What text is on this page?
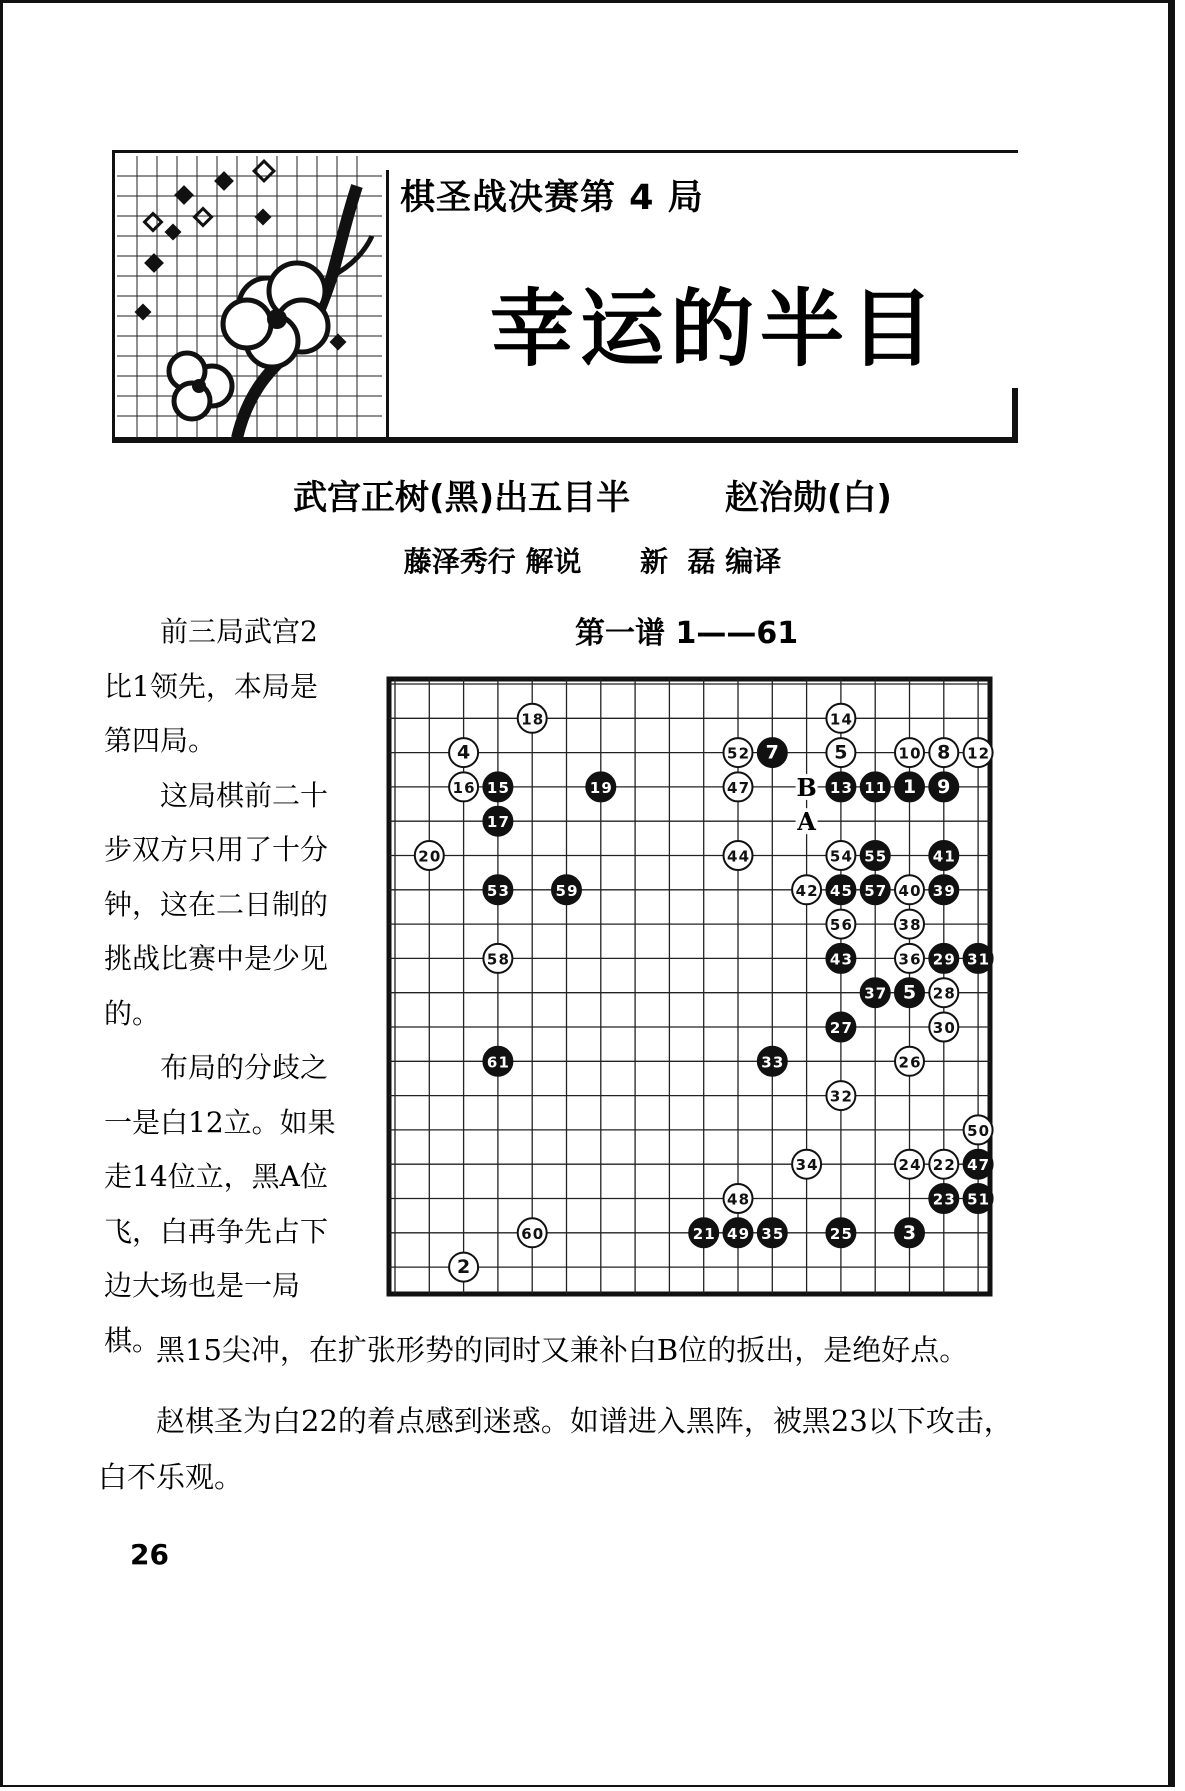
棋圣战决赛第 4 局
幸运的半目
武宫正树(黑)出五目半        赵治勋(白)
藤泽秀行 解说      新  磊 编译

前三局武宫2比1领先，本局是第四局。

这局棋前二十步双方只用了十分钟，这在二日制的挑战比赛中是少见的。

布局的分歧之一是白12立。如果走14位立，黑A位飞，白再争先占下边大场也是一局棋。

第一谱 1——61
A
B	1
2
3
4	5
5
7	8
9
10
11
12
13
14
15
16
17
18
19
20
21
22
23
24
25
26
27
28
29
30
31
32
33
34
35
36
37
38
39
40
41
42
43
44
45
47
47
48
49
50
51
52
53
54 55
56
57
58
59
60
61

黑15尖冲，在扩张形势的同时又兼补白B位的扳出，是绝好点。

赵棋圣为白22的着点感到迷惑。如谱进入黑阵，被黑23以下攻击，白不乐观。

26
